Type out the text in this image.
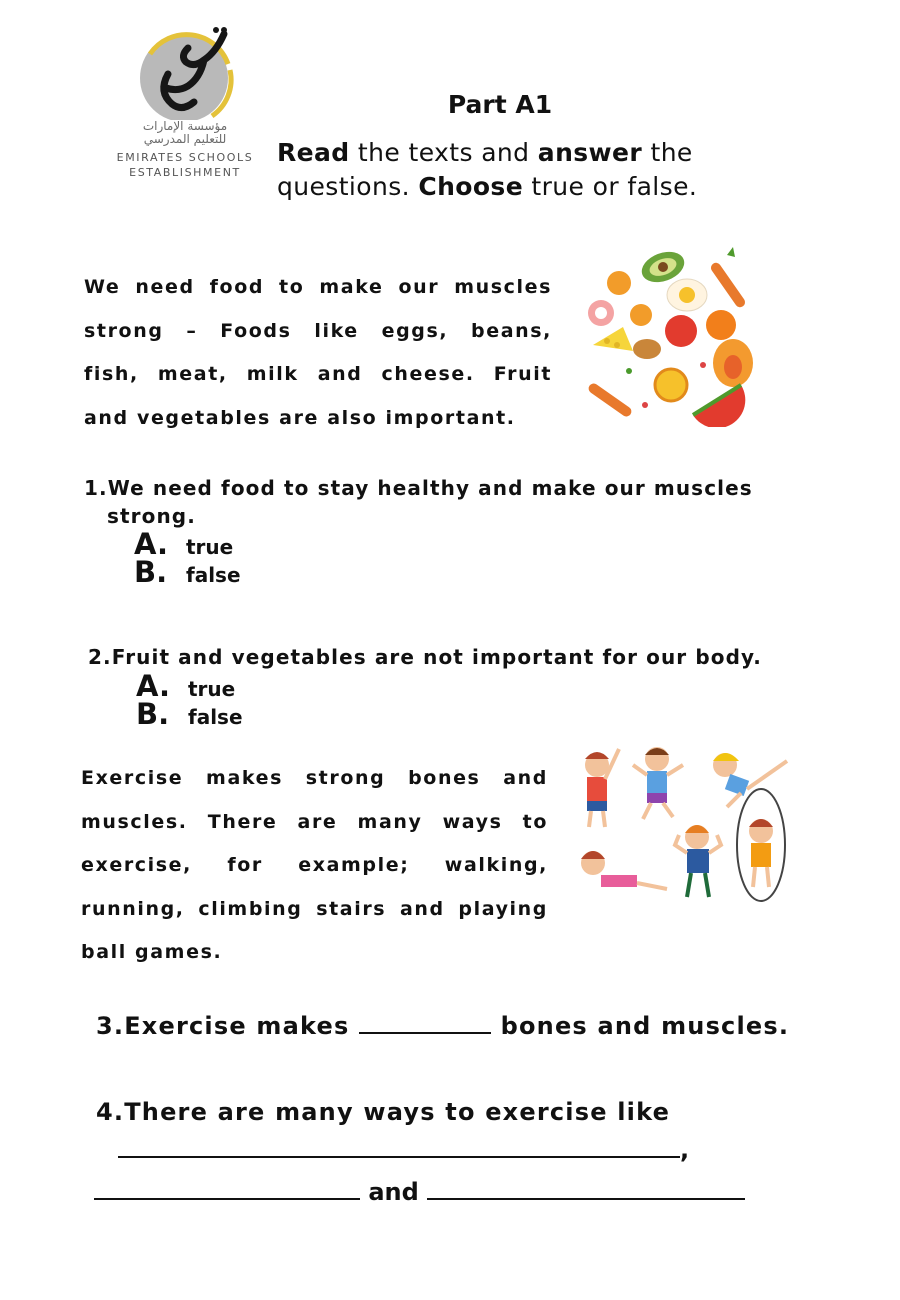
مؤسسة الإمارات
للتعليم المدرسي
EMIRATES SCHOOLS
ESTABLISHMENT
Part A1
Read the texts and answer the questions. Choose true or false.
We need food to make our muscles
strong – Foods like eggs, beans,
fish, meat, milk and cheese. Fruit
and vegetables are also important.
1.We need food to stay healthy and make our muscles
strong.
A. true
B. false
2.Fruit and vegetables are not important for our body.
A. true
B. false
Exercise makes strong bones and
muscles. There are many ways to
exercise, for example; walking,
running, climbing stairs and playing
ball games.
3.Exercise makes	bones and muscles.
4.There are many ways to exercise like
,
and
